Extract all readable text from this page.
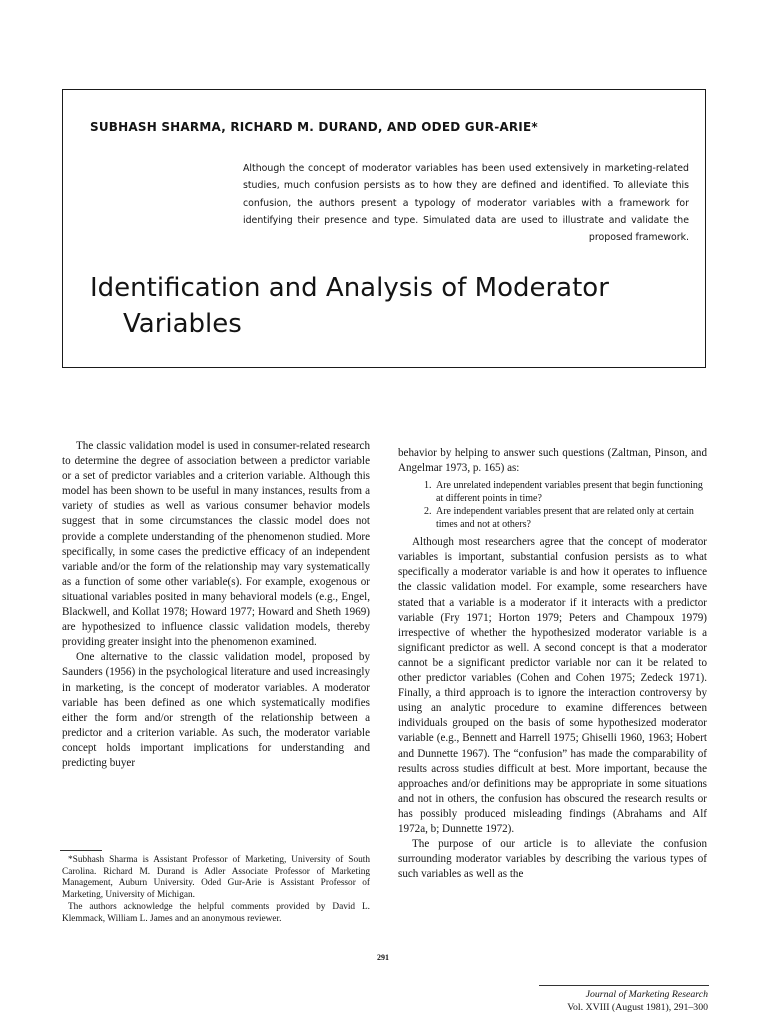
SUBHASH SHARMA, RICHARD M. DURAND, AND ODED GUR-ARIE*
Although the concept of moderator variables has been used extensively in marketing-related studies, much confusion persists as to how they are defined and identified. To alleviate this confusion, the authors present a typology of moderator variables with a framework for identifying their presence and type. Simulated data are used to illustrate and validate the proposed framework.
Identification and Analysis of Moderator
Variables

The classic validation model is used in consumer-related research to determine the degree of association between a predictor variable or a set of predictor variables and a criterion variable. Although this model has been shown to be useful in many instances, results from a variety of studies as well as various consumer behavior models suggest that in some circumstances the classic model does not provide a complete understanding of the phenomenon studied. More specifically, in some cases the predictive efficacy of an independent variable and/or the form of the relationship may vary systematically as a function of some other variable(s). For example, exogenous or situational variables posited in many behavioral models (e.g., Engel, Blackwell, and Kollat 1978; Howard 1977; Howard and Sheth 1969) are hypothesized to influence classic validation models, thereby providing greater insight into the phenomenon examined.

One alternative to the classic validation model, proposed by Saunders (1956) in the psychological literature and used increasingly in marketing, is the concept of moderator variables. A moderator variable has been defined as one which systematically modifies either the form and/or strength of the relationship between a predictor and a criterion variable. As such, the moderator variable concept holds important implications for understanding and predicting buyer

behavior by helping to answer such questions (Zaltman, Pinson, and Angelmar 1973, p. 165) as:

1. Are unrelated independent variables present that begin functioning at different points in time?
2. Are independent variables present that are related only at certain times and not at others?

Although most researchers agree that the concept of moderator variables is important, substantial confusion persists as to what specifically a moderator variable is and how it operates to influence the classic validation model. For example, some researchers have stated that a variable is a moderator if it interacts with a predictor variable (Fry 1971; Horton 1979; Peters and Champoux 1979) irrespective of whether the hypothesized moderator variable is a significant predictor as well. A second concept is that a moderator cannot be a significant predictor variable nor can it be related to other predictor variables (Cohen and Cohen 1975; Zedeck 1971). Finally, a third approach is to ignore the interaction controversy by using an analytic procedure to examine differences between individuals grouped on the basis of some hypothesized moderator variable (e.g., Bennett and Harrell 1975; Ghiselli 1960, 1963; Hobert and Dunnette 1967). The “confusion” has made the comparability of results across studies difficult at best. More important, because the approaches and/or definitions may be appropriate in some situations and not in others, the confusion has obscured the research results or has possibly produced misleading findings (Abrahams and Alf 1972a, b; Dunnette 1972).

The purpose of our article is to alleviate the confusion surrounding moderator variables by describing the various types of such variables as well as the

*Subhash Sharma is Assistant Professor of Marketing, University of South Carolina. Richard M. Durand is Adler Associate Professor of Marketing Management, Auburn University. Oded Gur-Arie is Assistant Professor of Marketing, University of Michigan.

The authors acknowledge the helpful comments provided by David L. Klemmack, William L. James and an anonymous reviewer.

291
Journal of Marketing Research
Vol. XVIII (August 1981), 291–300
